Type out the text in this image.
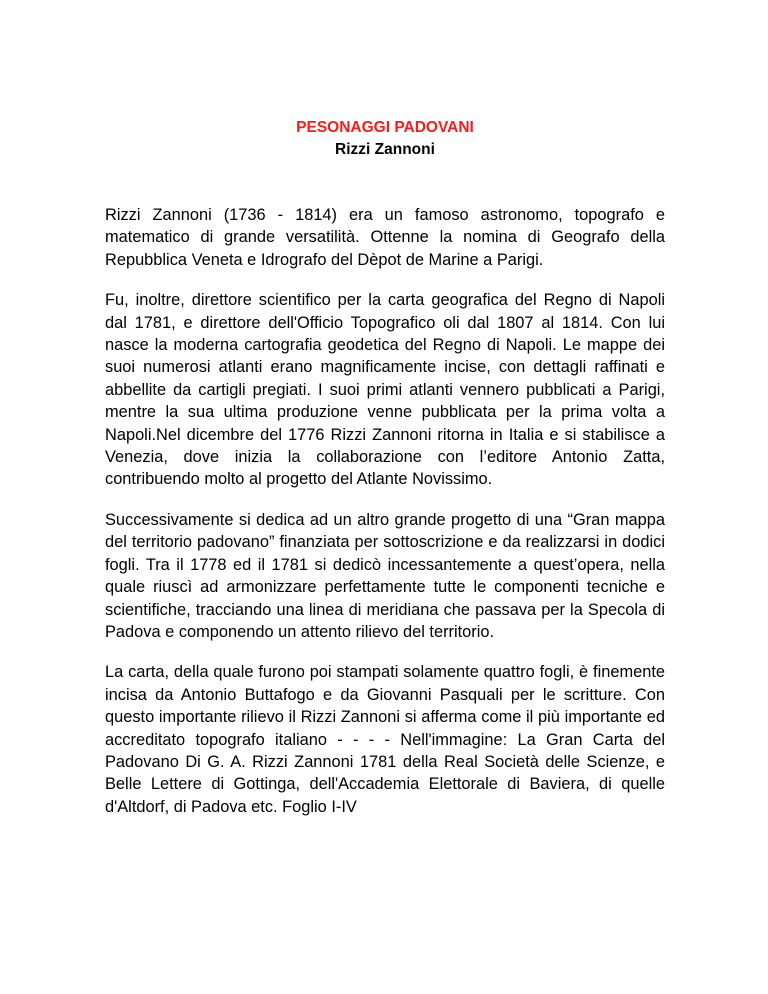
PESONAGGI PADOVANI
Rizzi Zannoni

Rizzi Zannoni (1736 - 1814) era un famoso astronomo, topografo e matematico di grande versatilità. Ottenne la nomina di Geografo della Repubblica Veneta e Idrografo del Dèpot de Marine a Parigi.

Fu, inoltre, direttore scientifico per la carta geografica del Regno di Napoli dal 1781, e direttore dell'Officio Topografico oli dal 1807 al 1814. Con lui nasce la moderna cartografia geodetica del Regno di Napoli. Le mappe dei suoi numerosi atlanti erano magnificamente incise, con dettagli raffinati e abbellite da cartigli pregiati. I suoi primi atlanti vennero pubblicati a Parigi, mentre la sua ultima produzione venne pubblicata per la prima volta a Napoli.Nel dicembre del 1776 Rizzi Zannoni ritorna in Italia e si stabilisce a Venezia, dove inizia la collaborazione con l’editore Antonio Zatta, contribuendo molto al progetto del Atlante Novissimo.

Successivamente si dedica ad un altro grande progetto di una “Gran mappa del territorio padovano” finanziata per sottoscrizione e da realizzarsi in dodici fogli. Tra il 1778 ed il 1781 si dedicò incessantemente a quest’opera, nella quale riuscì ad armonizzare perfettamente tutte le componenti tecniche e scientifiche, tracciando una linea di meridiana che passava per la Specola di Padova e componendo un attento rilievo del territorio.

La carta, della quale furono poi stampati solamente quattro fogli, è finemente incisa da Antonio Buttafogo e da Giovanni Pasquali per le scritture. Con questo importante rilievo il Rizzi Zannoni si afferma come il più importante ed accreditato topografo italiano - - - - Nell'immagine: La Gran Carta del Padovano Di G. A. Rizzi Zannoni 1781 della Real Società delle Scienze, e Belle Lettere di Gottinga, dell'Accademia Elettorale di Baviera, di quelle d'Altdorf, di Padova etc. Foglio I-IV
